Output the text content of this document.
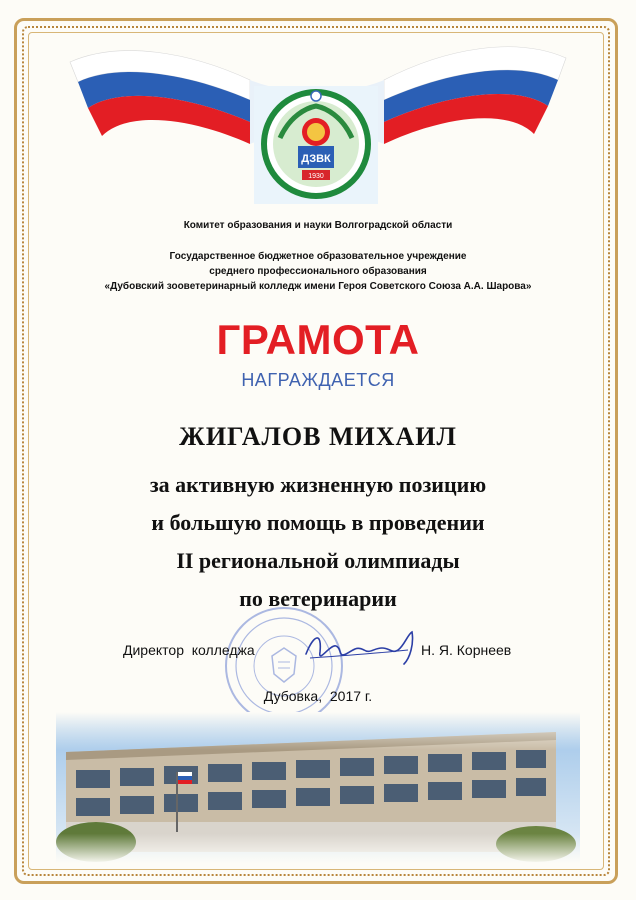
ДЗВК
1930
Комитет образования и науки Волгоградской области
Государственное бюджетное образовательное учреждение
среднего профессионального образования
«Дубовский зооветеринарный колледж имени Героя Советского Союза А.А. Шарова»
ГРАМОТА
НАГРАЖДАЕТСЯ
ЖИГАЛОВ МИХАИЛ
за активную жизненную позицию
и большую помощь в проведении
II региональной олимпиады
по ветеринарии
Директор  колледжа	Н. Я. Корнеев
Дубовка,  2017 г.
